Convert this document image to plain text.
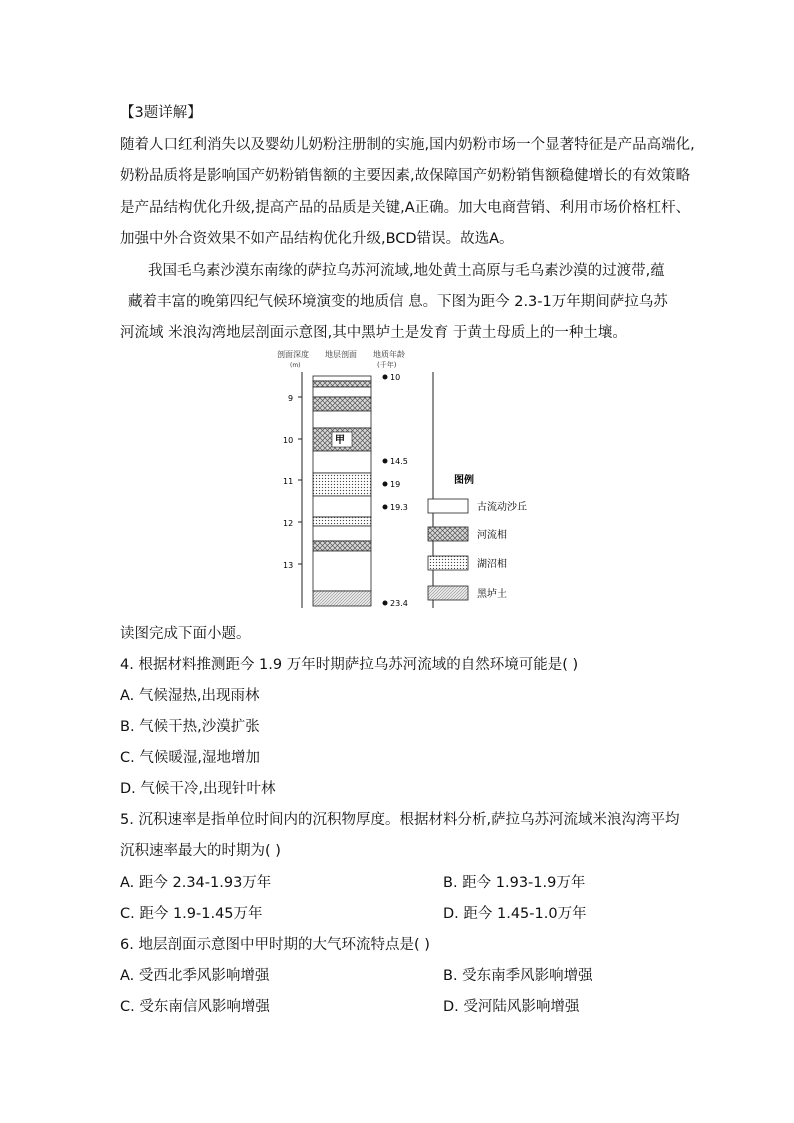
【3题详解】
随着人口红利消失以及婴幼儿奶粉注册制的实施,国内奶粉市场一个显著特征是产品高端化,
奶粉品质将是影响国产奶粉销售额的主要因素,故保障国产奶粉销售额稳健增长的有效策略
是产品结构优化升级,提高产品的品质是关键,A正确。加大电商营销、利用市场价格杠杆、
加强中外合资效果不如产品结构优化升级,BCD错误。故选A。
我国毛乌素沙漠东南缘的萨拉乌苏河流域,地处黄土高原与毛乌素沙漠的过渡带,蕴
藏着丰富的晚第四纪气候环境演变的地质信 息。下图为距今 2.3-1万年期间萨拉乌苏
河流域 米浪沟湾地层剖面示意图,其中黑垆土是发育 于黄土母质上的一种土壤。
剖面深度
(m)
地层剖面 地质年龄
(千年)
9
10
11
12
13
甲
10
14.5
19
19.3
23.4
图例
古流动沙丘
河流相
湖沼相
黑垆土
读图完成下面小题。
4. 根据材料推测距今 1.9 万年时期萨拉乌苏河流域的自然环境可能是( )
A. 气候湿热,出现雨林
B. 气候干热,沙漠扩张
C. 气候暖湿,湿地增加
D. 气候干冷,出现针叶林
5. 沉积速率是指单位时间内的沉积物厚度。根据材料分析,萨拉乌苏河流域米浪沟湾平均
沉积速率最大的时期为( )
A. 距今 2.34-1.93万年	B. 距今 1.93-1.9万年
C. 距今 1.9-1.45万年	D. 距今 1.45-1.0万年
6. 地层剖面示意图中甲时期的大气环流特点是( )
A. 受西北季风影响增强	B. 受东南季风影响增强
C. 受东南信风影响增强	D. 受河陆风影响增强
